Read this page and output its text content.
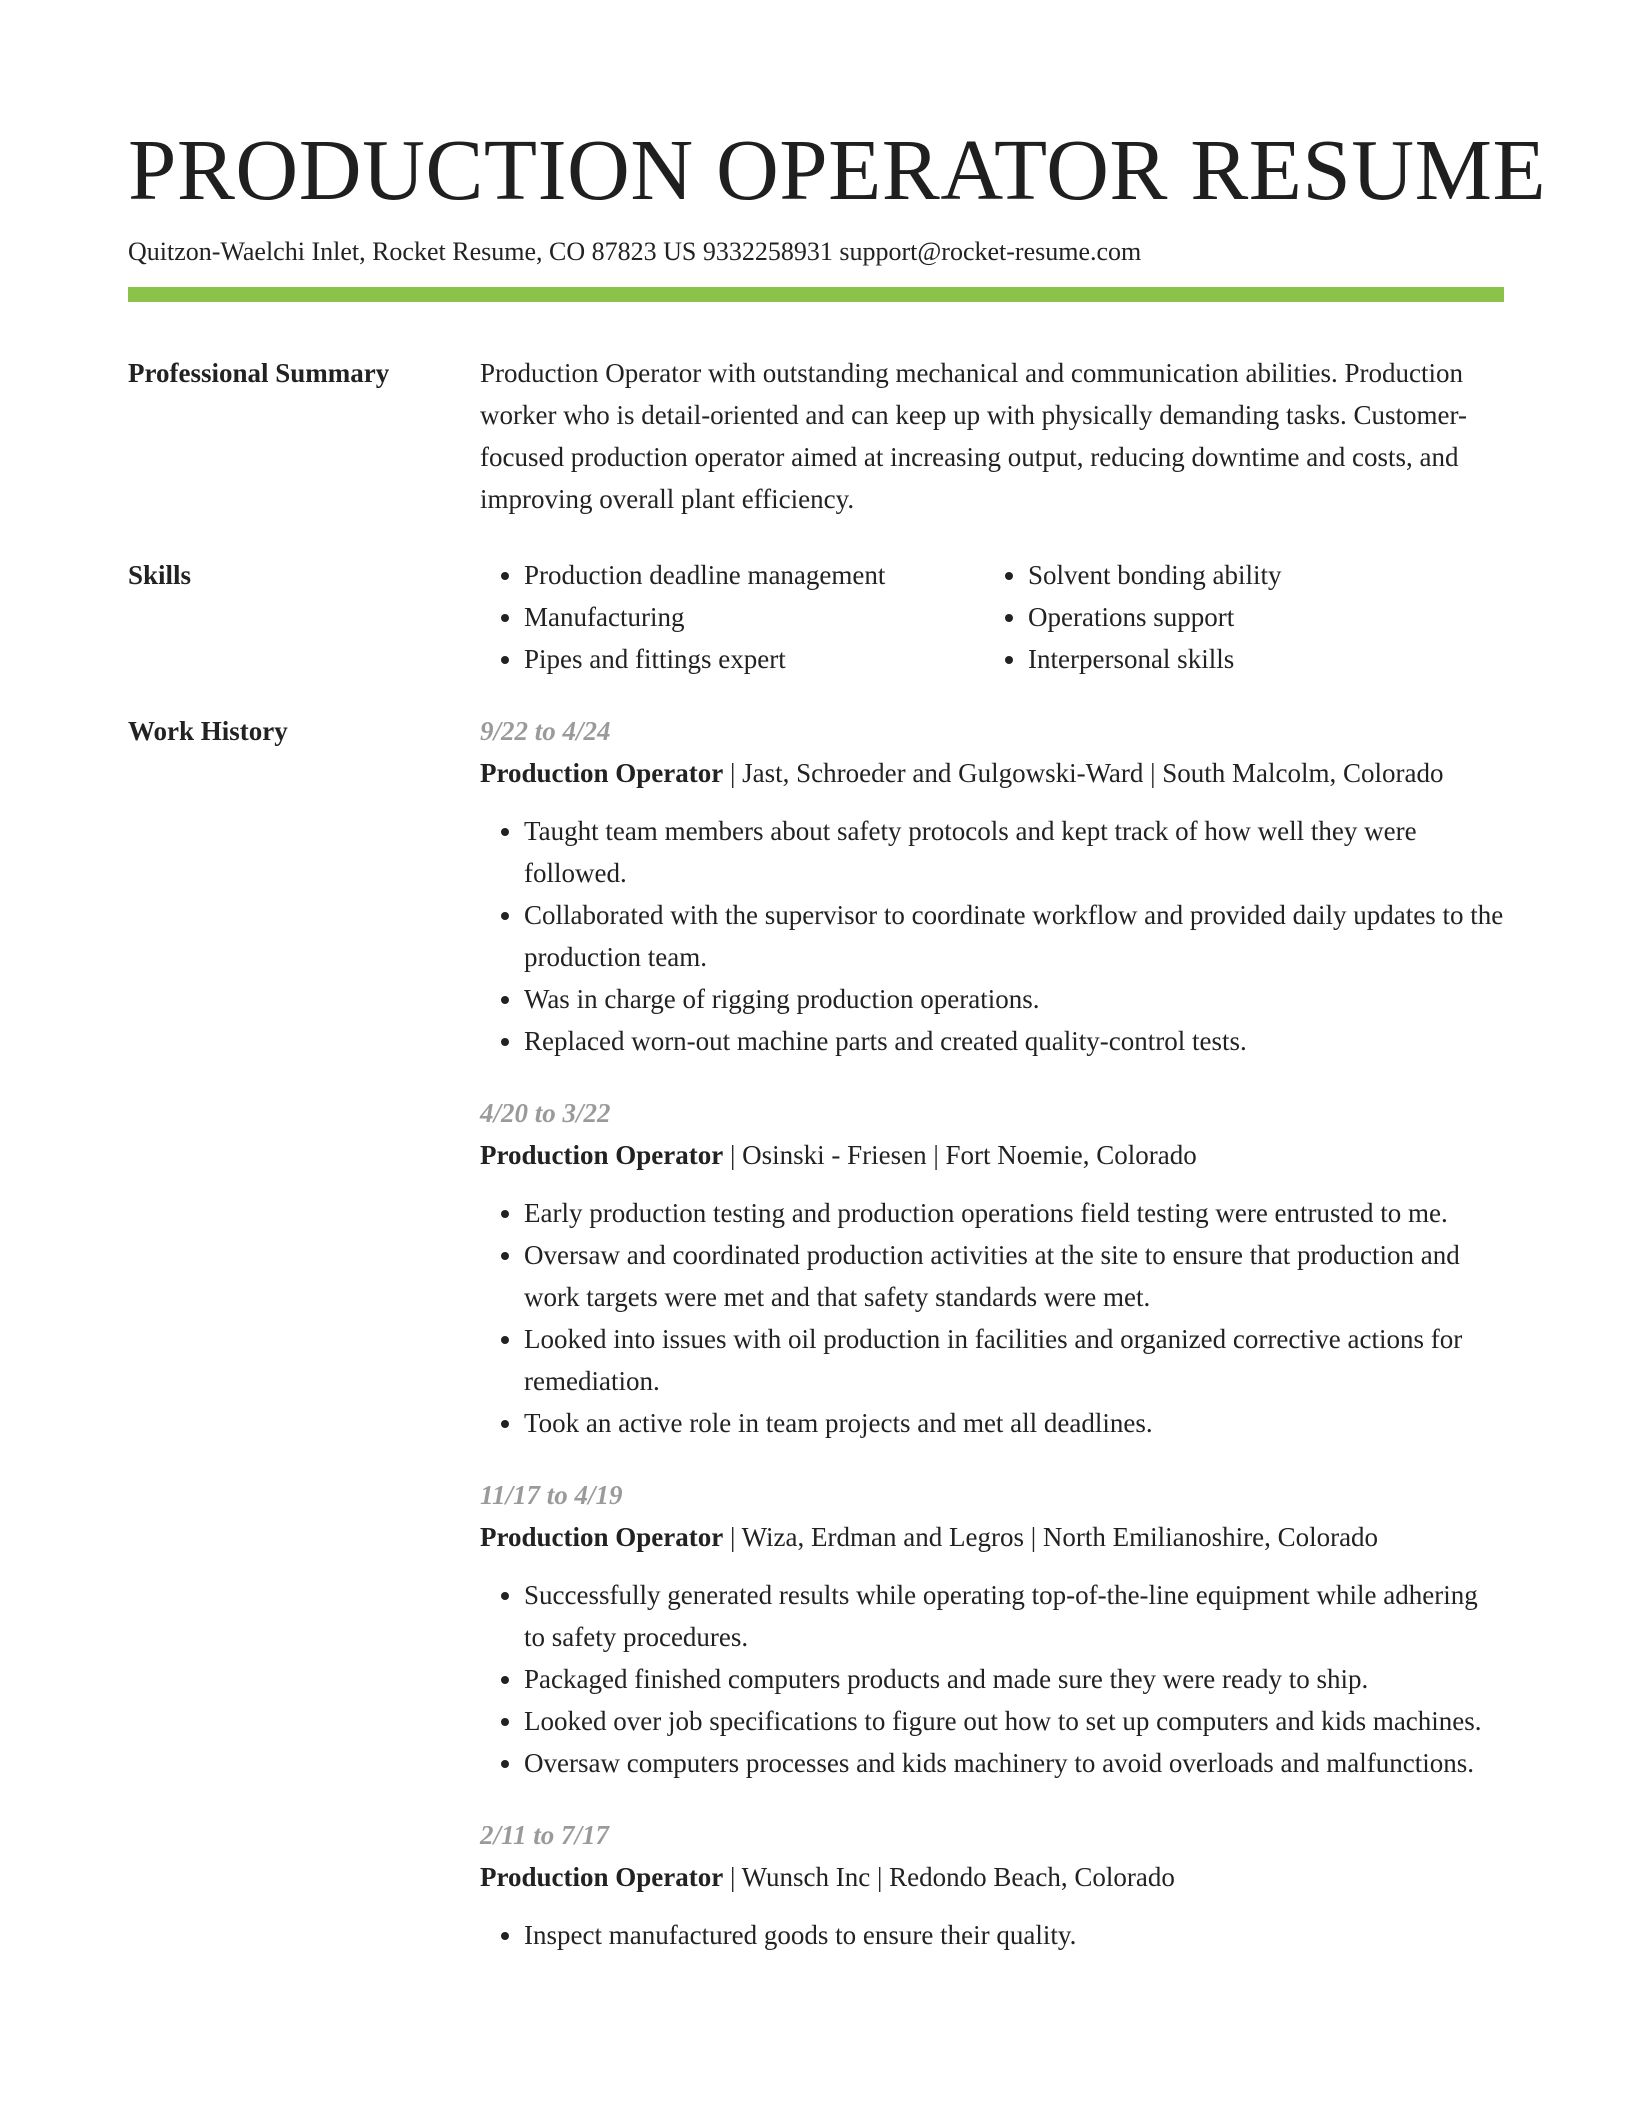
PRODUCTION OPERATOR RESUME
Quitzon-Waelchi Inlet, Rocket Resume, CO 87823 US 9332258931 support@rocket-resume.com
Professional Summary	Production Operator with outstanding mechanical and communication abilities. Production worker who is detail-oriented and can keep up with physically demanding tasks. Customer-focused production operator aimed at increasing output, reducing downtime and costs, and improving overall plant efficiency.
Skills
•	Production deadline management
• Manufacturing
• Pipes and fittings expert
• Solvent bonding ability
• Operations support
• Interpersonal skills
Work History	9/22 to 4/24
Production Operator | Jast, Schroeder and Gulgowski-Ward | South Malcolm, Colorado
• Taught team members about safety protocols and kept track of how well they were followed.
• Collaborated with the supervisor to coordinate workflow and provided daily updates to the production team.
• Was in charge of rigging production operations.
• Replaced worn-out machine parts and created quality-control tests.
4/20 to 3/22
Production Operator | Osinski - Friesen | Fort Noemie, Colorado
• Early production testing and production operations field testing were entrusted to me.
• Oversaw and coordinated production activities at the site to ensure that production and work targets were met and that safety standards were met.
• Looked into issues with oil production in facilities and organized corrective actions for remediation.
• Took an active role in team projects and met all deadlines.
11/17 to 4/19
Production Operator | Wiza, Erdman and Legros | North Emilianoshire, Colorado
• Successfully generated results while operating top-of-the-line equipment while adhering to safety procedures.
• Packaged finished computers products and made sure they were ready to ship.
• Looked over job specifications to figure out how to set up computers and kids machines.
• Oversaw computers processes and kids machinery to avoid overloads and malfunctions.
2/11 to 7/17
Production Operator | Wunsch Inc | Redondo Beach, Colorado
• Inspect manufactured goods to ensure their quality.
